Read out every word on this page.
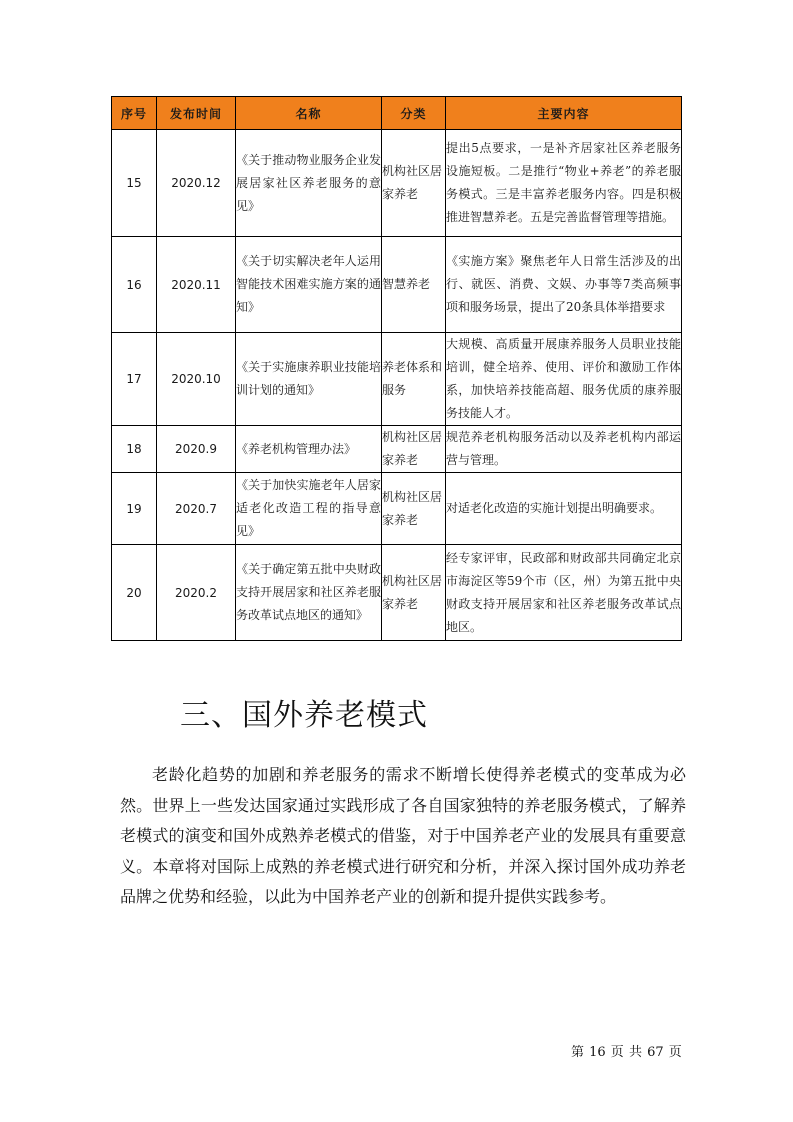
序号	发布时间	名称	分类	主要内容
15	2020.12	《关于推动物业服务企业发展居家社区养老服务的意见》	机构社区居家养老	提出5点要求，一是补齐居家社区养老服务设施短板。二是推行“物业+养老”的养老服务模式。三是丰富养老服务内容。四是积极推进智慧养老。五是完善监督管理等措施。
16	2020.11	《关于切实解决老年人运用智能技术困难实施方案的通知》	智慧养老	《实施方案》聚焦老年人日常生活涉及的出行、就医、消费、文娱、办事等7类高频事项和服务场景，提出了20条具体举措要求
17	2020.10	《关于实施康养职业技能培训计划的通知》	养老体系和服务	大规模、高质量开展康养服务人员职业技能培训，健全培养、使用、评价和激励工作体系，加快培养技能高超、服务优质的康养服务技能人才。
18	2020.9	《养老机构管理办法》	机构社区居家养老	规范养老机构服务活动以及养老机构内部运营与管理。
19	2020.7	《关于加快实施老年人居家适老化改造工程的指导意见》	机构社区居家养老	对适老化改造的实施计划提出明确要求。
20	2020.2	《关于确定第五批中央财政支持开展居家和社区养老服务改革试点地区的通知》	机构社区居家养老	经专家评审，民政部和财政部共同确定北京市海淀区等59个市（区，州）为第五批中央财政支持开展居家和社区养老服务改革试点地区。
三、国外养老模式

老龄化趋势的加剧和养老服务的需求不断增长使得养老模式的变革成为必然。世界上一些发达国家通过实践形成了各自国家独特的养老服务模式，了解养老模式的演变和国外成熟养老模式的借鉴，对于中国养老产业的发展具有重要意义。本章将对国际上成熟的养老模式进行研究和分析，并深入探讨国外成功养老品牌之优势和经验，以此为中国养老产业的创新和提升提供实践参考。

第 16 页 共 67 页
